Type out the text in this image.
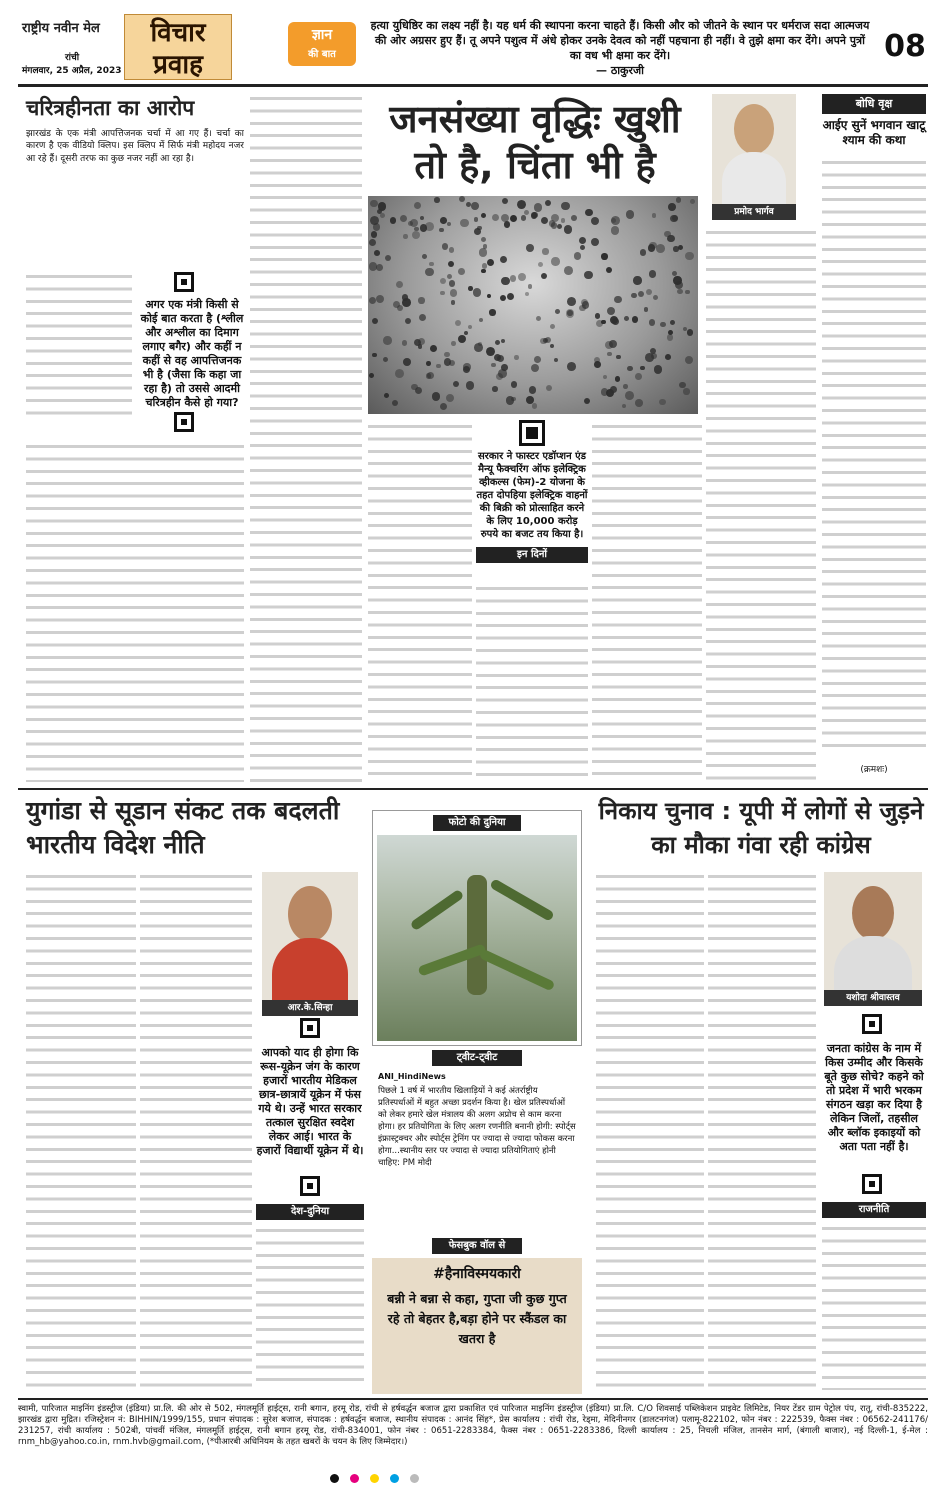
राष्ट्रीय नवीन मेल
रांची
मंगलवार, 25 अप्रैल, 2023
विचार
प्रवाह
ज्ञान
की बात
हत्या युधिष्ठिर का लक्ष्य नहीं है। यह धर्म की स्थापना करना चाहते हैं। किसी और को जीतने के स्थान पर धर्मराज सदा आत्मजय की ओर अग्रसर हुए हैं। तू अपने पशुत्व में अंधे होकर उनके देवत्व को नहीं पहचाना ही नहीं। वे तुझे क्षमा कर देंगे। अपने पुत्रों का वध भी क्षमा कर देंगे।
— ठाकुरजी
08
चरित्रहीनता का आरोप
झारखंड के एक मंत्री आपत्तिजनक चर्चा में आ गए हैं। चर्चा का कारण है एक वीडियो क्लिप। इस क्लिप में सिर्फ मंत्री महोदय नजर आ रहे हैं। दूसरी तरफ का कुछ नजर नहीं आ रहा है।
अगर एक मंत्री किसी से कोई बात करता है (श्लील और अश्लील का दिमाग लगाए बगैर) और कहीं न कहीं से वह आपत्तिजनक भी है (जैसा कि कहा जा रहा है) तो उससे आदमी चरित्रहीन कैसे हो गया?
जनसंख्या वृद्धिः खुशी तो है, चिंता भी है
प्रमोद भार्गव
सरकार ने फास्टर एडॉप्शन एंड मैन्यू फैक्चरिंग ऑफ इलेक्ट्रिक व्हीकल्स (फेम)-2 योजना के तहत दोपहिया इलेक्ट्रिक वाहनों की बिक्री को प्रोत्साहित करने के लिए 10,000 करोड़ रुपये का बजट तय किया है।
इन दिनों
बोधि वृक्ष
आईए सुनें भगवान खाटू श्याम की कथा
(क्रमशः)
युगांडा से सूडान संकट तक बदलती भारतीय विदेश नीति
आर.के.सिन्हा
आपको याद ही होगा कि रूस-यूक्रेन जंग के कारण हजारों भारतीय मेडिकल छात्र-छात्रायें यूक्रेन में फंस गये थे। उन्हें भारत सरकार तत्काल सुरक्षित स्वदेश लेकर आई। भारत के हजारों विद्यार्थी यूक्रेन में थे।
देश-दुनिया
फोटो की दुनिया
ट्वीट-ट्वीट
ANI_HindiNews
पिछले 1 वर्ष में भारतीय खिलाड़ियों ने कई अंतर्राष्ट्रीय प्रतिस्पर्धाओं में बहुत अच्छा प्रदर्शन किया है। खेल प्रतिस्पर्धाओं को लेकर हमारे खेल मंत्रालय की अलग अप्रोच से काम करना होगा। हर प्रतियोगिता के लिए अलग रणनीति बनानी होगी: स्पोर्ट्स इंफ्रास्ट्रक्चर और स्पोर्ट्स ट्रेनिंग पर ज्यादा से ज्यादा फोकस करना होगा...स्थानीय स्तर पर ज्यादा से ज्यादा प्रतियोगिताएं होनी चाहिए: PM मोदी
फेसबुक वॉल से
#हैनाविस्मयकारी
बन्नी ने बन्ना से कहा, गुप्ता जी कुछ गुप्त रहे तो बेहतर है,बड़ा होने पर स्कैंडल का खतरा है
निकाय चुनाव : यूपी में लोगों से जुड़ने का मौका गंवा रही कांग्रेस
यशोदा श्रीवास्तव
जनता कांग्रेस के नाम में किस उम्मीद और किसके बूते कुछ सोचे? कहने को तो प्रदेश में भारी भरकम संगठन खड़ा कर दिया है लेकिन जिलों, तहसील और ब्लॉक इकाइयों को अता पता नहीं है।
राजनीति
स्वामी, पारिजात माइनिंग इंडस्ट्रीज (इंडिया) प्रा.लि. की ओर से 502, मंगलमूर्ति हाईट्स, रानी बगान, हरमू रोड, रांची से हर्षवर्द्धन बजाज द्वारा प्रकाशित एवं पारिजात माइनिंग इंडस्ट्रीज (इंडिया) प्रा.लि. C/O शिवसाई पब्लिकेशन प्राइवेट लिमिटेड, नियर टेंडर ग्राम पेट्रोल पंप, रातू, रांची-835222, झारखंड द्वारा मुद्रित। रजिस्ट्रेशन नं: BIHHIN/1999/155, प्रधान संपादक : सुरेश बजाज, संपादक : हर्षवर्द्धन बजाज, स्थानीय संपादक : आनंद सिंह*, प्रेस कार्यालय : रांची रोड, रेड्मा, मेदिनीनगर (डालटनगंज) पलामू-822102, फोन नंबर : 222539, फैक्स नंबर : 06562-241176/ 231257, रांची कार्यालय : 502बी, पांचवीं मंजिल, मंगलमूर्ति हाईट्स, रानी बगान हरमू रोड, रांची-834001, फोन नंबर : 0651-2283384, फैक्स नंबर : 0651-2283386, दिल्ली कार्यालय : 25, निचली मंजिल, तानसेन मार्ग, (बंगाली बाजार), नई दिल्ली-1, ई-मेल : rnm_hb@yahoo.co.in, rnm.hvb@gmail.com, (*पीआरबी अधिनियम के तहत खबरों के चयन के लिए जिम्मेदार।)
